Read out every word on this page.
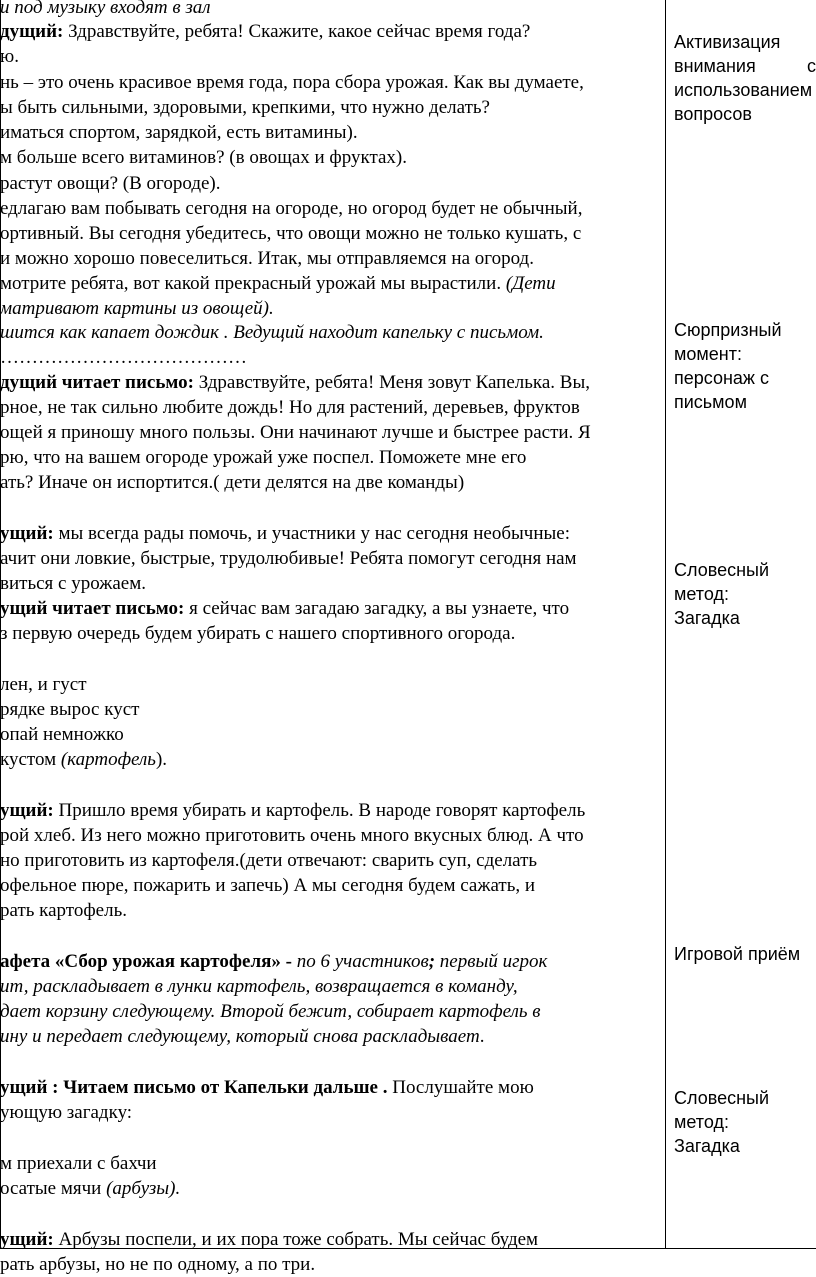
и под музыку входят в зал
дущий: Здравствуйте, ребята! Скажите, какое сейчас время года?
ю.
нь – это очень красивое время года, пора сбора урожая. Как вы думаете,
ы быть сильными, здоровыми, крепкими, что нужно делать?
иматься спортом, зарядкой, есть витамины).
м больше всего витаминов? (в овощах и фруктах).
растут овощи? (В огороде).
едлагаю вам побывать сегодня на огороде, но огород будет не обычный,
ортивный. Вы сегодня убедитесь, что овощи можно не только кушать, с
и можно хорошо повеселиться. Итак, мы отправляемся на огород.
мотрите ребята, вот какой прекрасный урожай мы вырастили. (Дети
матривают картины из овощей).
шится как капает дождик . Ведущий находит капельку с письмом.
…………………………………
дущий читает письмо: Здравствуйте, ребята! Меня зовут Капелька. Вы,
рное, не так сильно любите дождь! Но для растений, деревьев, фруктов
ощей я приношу много пользы. Они начинают лучше и быстрее расти. Я
рю, что на вашем огороде урожай уже поспел. Поможете мне его
ать? Иначе он испортится.( дети делятся на две команды)
ущий: мы всегда рады помочь, и участники у нас сегодня необычные:
ачит они ловкие, быстрые, трудолюбивые! Ребята помогут сегодня нам
виться с урожаем.
ущий читает письмо: я сейчас вам загадаю загадку, а вы узнаете, что
з первую очередь будем убирать с нашего спортивного огорода.
лен, и густ
рядке вырос куст
опай немножко
кустом (картофель).
ущий: Пришло время убирать и картофель. В народе говорят картофель
рой хлеб. Из него можно приготовить очень много вкусных блюд. А что
но приготовить из картофеля.(дети отвечают: сварить суп, сделать
офельное пюре, пожарить и запечь) А мы сегодня будем сажать, и
рать картофель.
афета «Сбор урожая картофеля» - по 6 участников; первый игрок
ит, раскладывает в лунки картофель, возвращается в команду,
дает корзину следующему. Второй бежит, собирает картофель в
ину и передает следующему, который снова раскладывает.
ущий : Читаем письмо от Капельки дальше . Послушайте мою
ующую загадку:
м приехали с бахчи
осатые мячи (арбузы).
ущий: Арбузы поспели, и их пора тоже собрать. Мы сейчас будем
рать арбузы, но не по одному, а по три.
Активизация
внимания	с
использованием
вопросов
Сюрпризный
момент:
персонаж с
письмом
Словесный
метод:
Загадка
Игровой приём
Словесный
метод:
Загадка
